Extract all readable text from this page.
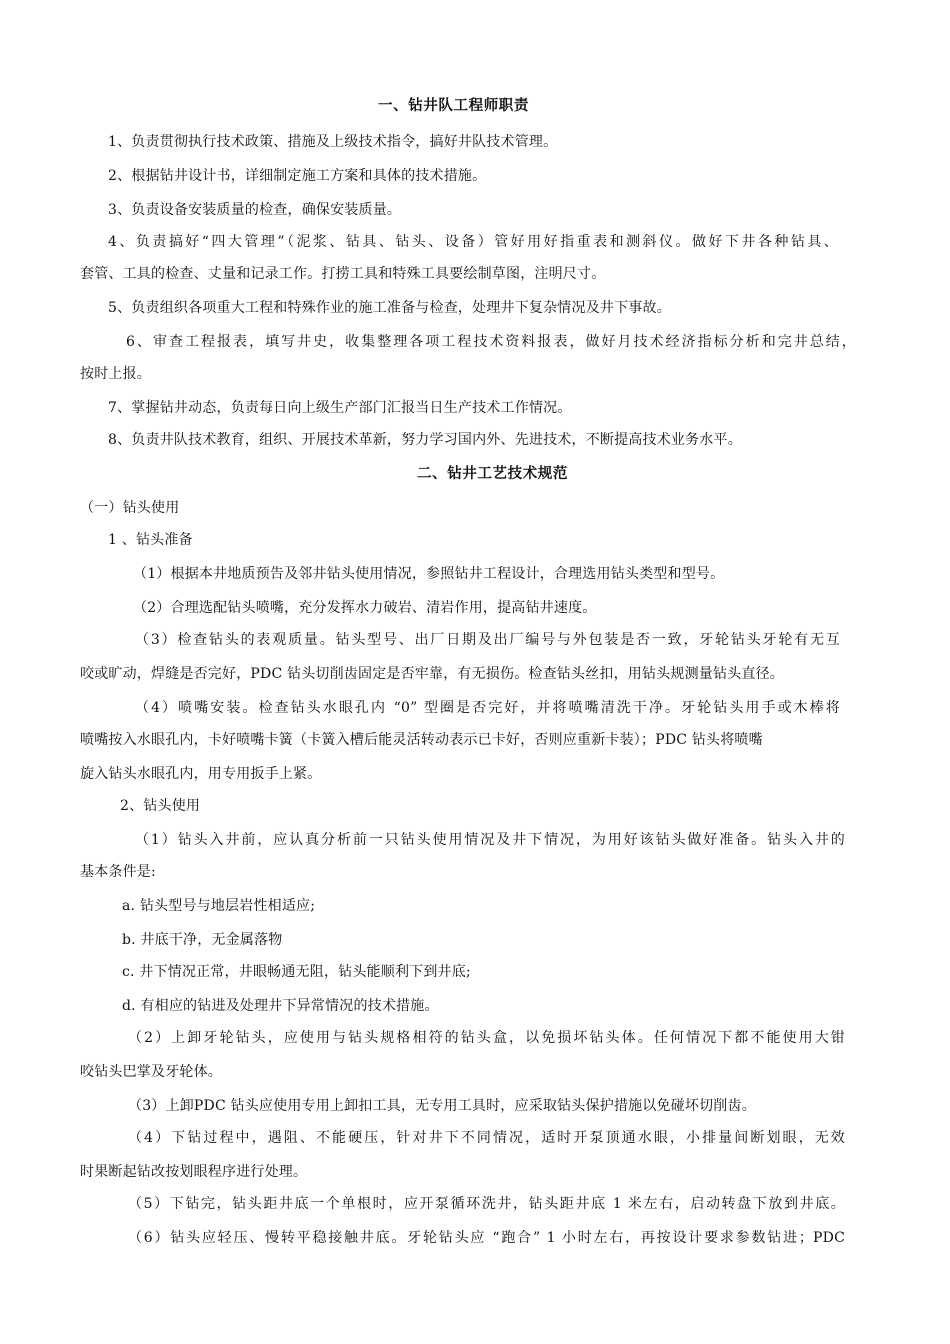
一、钻井队工程师职责
1、负责贯彻执行技术政策、措施及上级技术指令，搞好井队技术管理。
2、根据钻井设计书，详细制定施工方案和具体的技术措施。
3、负责设备安装质量的检查，确保安装质量。
4、负责搞好“四大管理”（泥浆、钻具、钻头、设备）管好用好指重表和测斜仪。做好下井各种钻具、
套管、工具的检查、丈量和记录工作。打捞工具和特殊工具要绘制草图，注明尺寸。
5、负责组织各项重大工程和特殊作业的施工准备与检查，处理井下复杂情况及井下事故。
6、审查工程报表，填写井史，收集整理各项工程技术资料报表，做好月技术经济指标分析和完井总结，
按时上报。
7、掌握钻井动态，负责每日向上级生产部门汇报当日生产技术工作情况。
8、负责井队技术教育，组织、开展技术革新，努力学习国内外、先进技术，不断提高技术业务水平。
二、钻井工艺技术规范
（一）钻头使用
1 、钻头准备
（1）根据本井地质预告及邻井钻头使用情况，参照钻井工程设计，合理选用钻头类型和型号。
（2）合理选配钻头喷嘴，充分发挥水力破岩、清岩作用，提高钻井速度。
（3）检查钻头的表观质量。钻头型号、出厂日期及出厂编号与外包装是否一致，牙轮钻头牙轮有无互
咬或旷动，焊缝是否完好，PDC 钻头切削齿固定是否牢靠，有无损伤。检查钻头丝扣，用钻头规测量钻头直径。
（4）喷嘴安装。检查钻头水眼孔内 “0” 型圈是否完好，并将喷嘴清洗干净。牙轮钻头用手或木棒将
喷嘴按入水眼孔内，卡好喷嘴卡簧（卡簧入槽后能灵活转动表示已卡好，否则应重新卡装）；PDC 钻头将喷嘴
旋入钻头水眼孔内，用专用扳手上紧。
2、钻头使用
（1）钻头入井前，应认真分析前一只钻头使用情况及井下情况，为用好该钻头做好准备。钻头入井的
基本条件是:
a. 钻头型号与地层岩性相适应;
b. 井底干净，无金属落物
c. 井下情况正常，井眼畅通无阻，钻头能顺利下到井底;
d. 有相应的钻进及处理井下异常情况的技术措施。
（2）上卸牙轮钻头，应使用与钻头规格相符的钻头盒，以免损坏钻头体。任何情况下都不能使用大钳
咬钻头巴掌及牙轮体。
（3）上卸PDC 钻头应使用专用上卸扣工具，无专用工具时，应采取钻头保护措施以免碰坏切削齿。
（4）下钻过程中，遇阻、不能硬压，针对井下不同情况，适时开泵顶通水眼，小排量间断划眼，无效
时果断起钻改按划眼程序进行处理。
（5）下钻完，钻头距井底一个单根时，应开泵循环洗井，钻头距井底 1 米左右，启动转盘下放到井底。
（6）钻头应轻压、慢转平稳接触井底。牙轮钻头应 “跑合” 1 小时左右，再按设计要求参数钻进；PDC
